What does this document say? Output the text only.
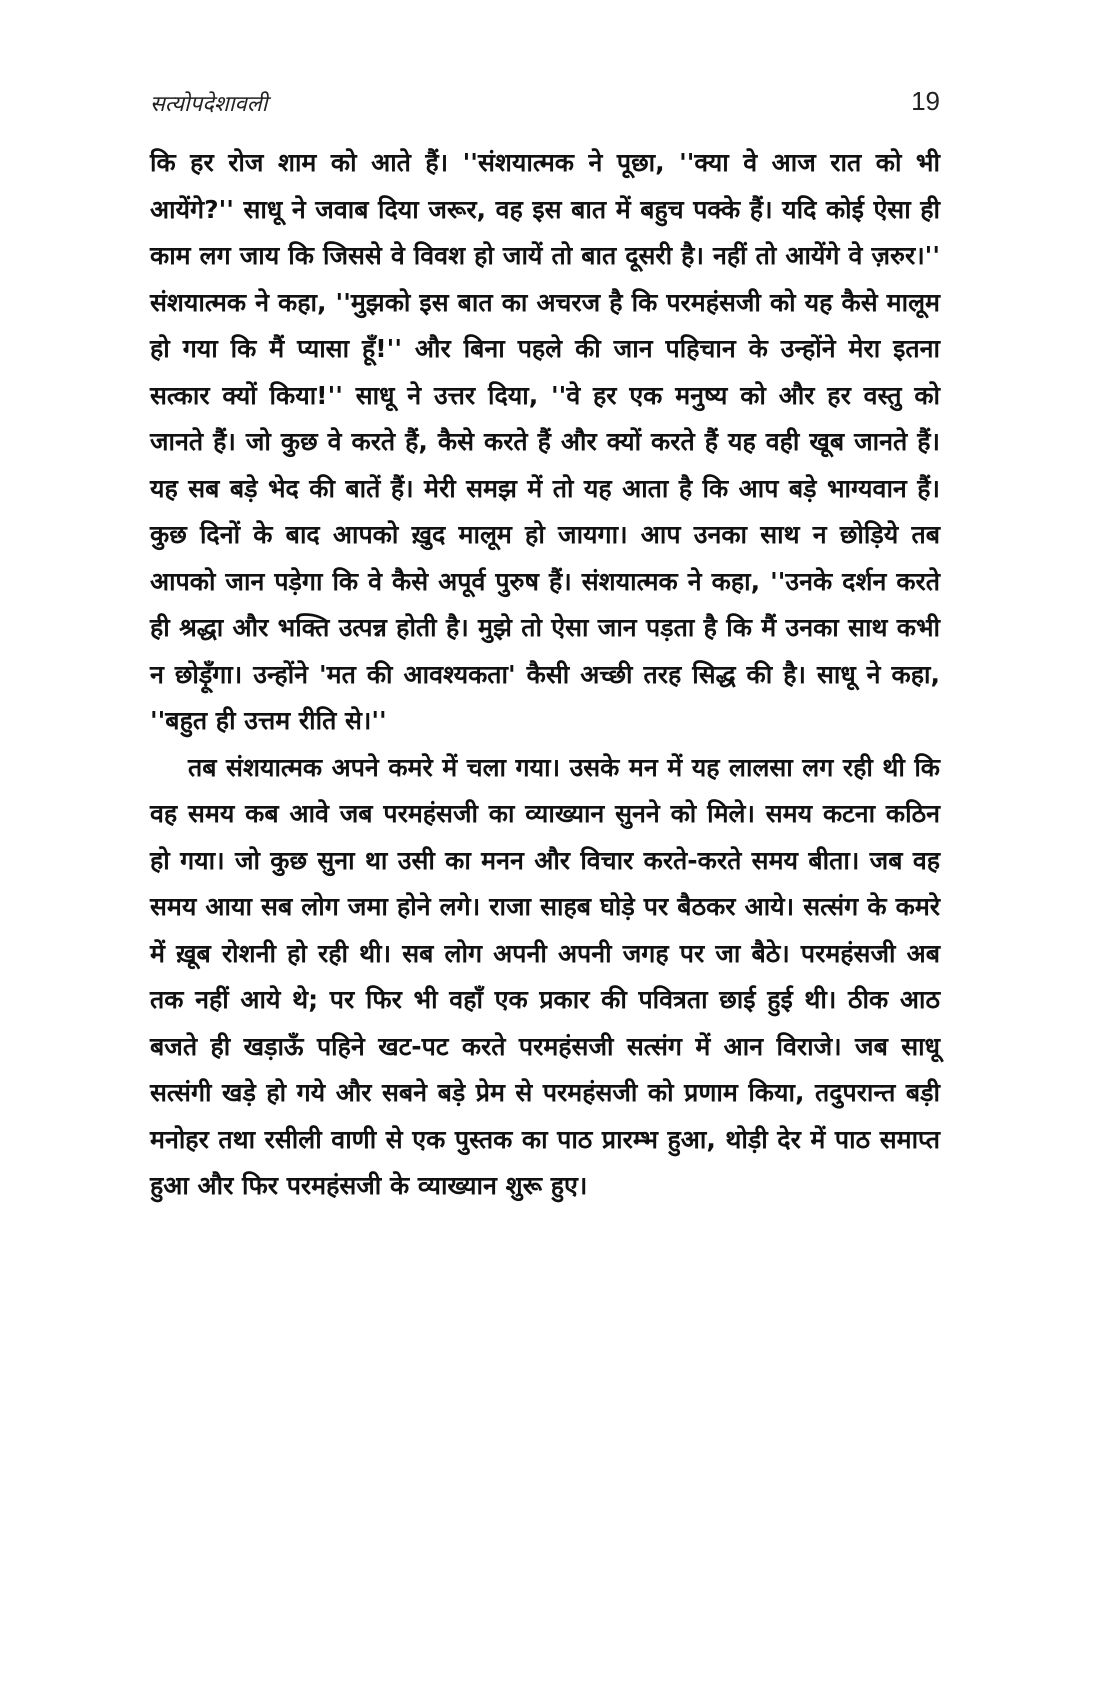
सत्योपदेशावली	19

कि हर रोज शाम को आते हैं। ''संशयात्मक ने पूछा, ''क्या वे आज रात को भी आयेंगे?'' साधू ने जवाब दिया जरूर, वह इस बात में बहुच पक्के हैं। यदि कोई ऐसा ही काम लग जाय कि जिससे वे विवश हो जायें तो बात दूसरी है। नहीं तो आयेंगे वे ज़रुर।'' संशयात्मक ने कहा, ''मुझको इस बात का अचरज है कि परमहंसजी को यह कैसे मालूम हो गया कि मैं प्यासा हूँ!'' और बिना पहले की जान पहिचान के उन्होंने मेरा इतना सत्कार क्यों किया!'' साधू ने उत्तर दिया, ''वे हर एक मनुष्य को और हर वस्तु को जानते हैं। जो कुछ वे करते हैं, कैसे करते हैं और क्यों करते हैं यह वही खूब जानते हैं। यह सब बड़े भेद की बातें हैं। मेरी समझ में तो यह आता है कि आप बड़े भाग्यवान हैं। कुछ दिनों के बाद आपको ख़ुद मालूम हो जायगा। आप उनका साथ न छोड़िये तब आपको जान पड़ेगा कि वे कैसे अपूर्व पुरुष हैं। संशयात्मक ने कहा, ''उनके दर्शन करते ही श्रद्धा और भक्ति उत्पन्न होती है। मुझे तो ऐसा जान पड़ता है कि मैं उनका साथ कभी न छोड़ूँगा। उन्होंने 'मत की आवश्यकता' कैसी अच्छी तरह सिद्ध की है। साधू ने कहा, ''बहुत ही उत्तम रीति से।''

तब संशयात्मक अपने कमरे में चला गया। उसके मन में यह लालसा लग रही थी कि वह समय कब आवे जब परमहंसजी का व्याख्यान सुनने को मिले। समय कटना कठिन हो गया। जो कुछ सुना था उसी का मनन और विचार करते-करते समय बीता। जब वह समय आया सब लोग जमा होने लगे। राजा साहब घोड़े पर बैठकर आये। सत्संग के कमरे में ख़ूब रोशनी हो रही थी। सब लोग अपनी अपनी जगह पर जा बैठे। परमहंसजी अब तक नहीं आये थे; पर फिर भी वहाँ एक प्रकार की पवित्रता छाई हुई थी। ठीक आठ बजते ही खड़ाऊँ पहिने खट-पट करते परमहंसजी सत्संग में आन विराजे। जब साधू सत्संगी खड़े हो गये और सबने बड़े प्रेम से परमहंसजी को प्रणाम किया, तदुपरान्त बड़ी मनोहर तथा रसीली वाणी से एक पुस्तक का पाठ प्रारम्भ हुआ, थोड़ी देर में पाठ समाप्त हुआ और फिर परमहंसजी के व्याख्यान शुरू हुए।
